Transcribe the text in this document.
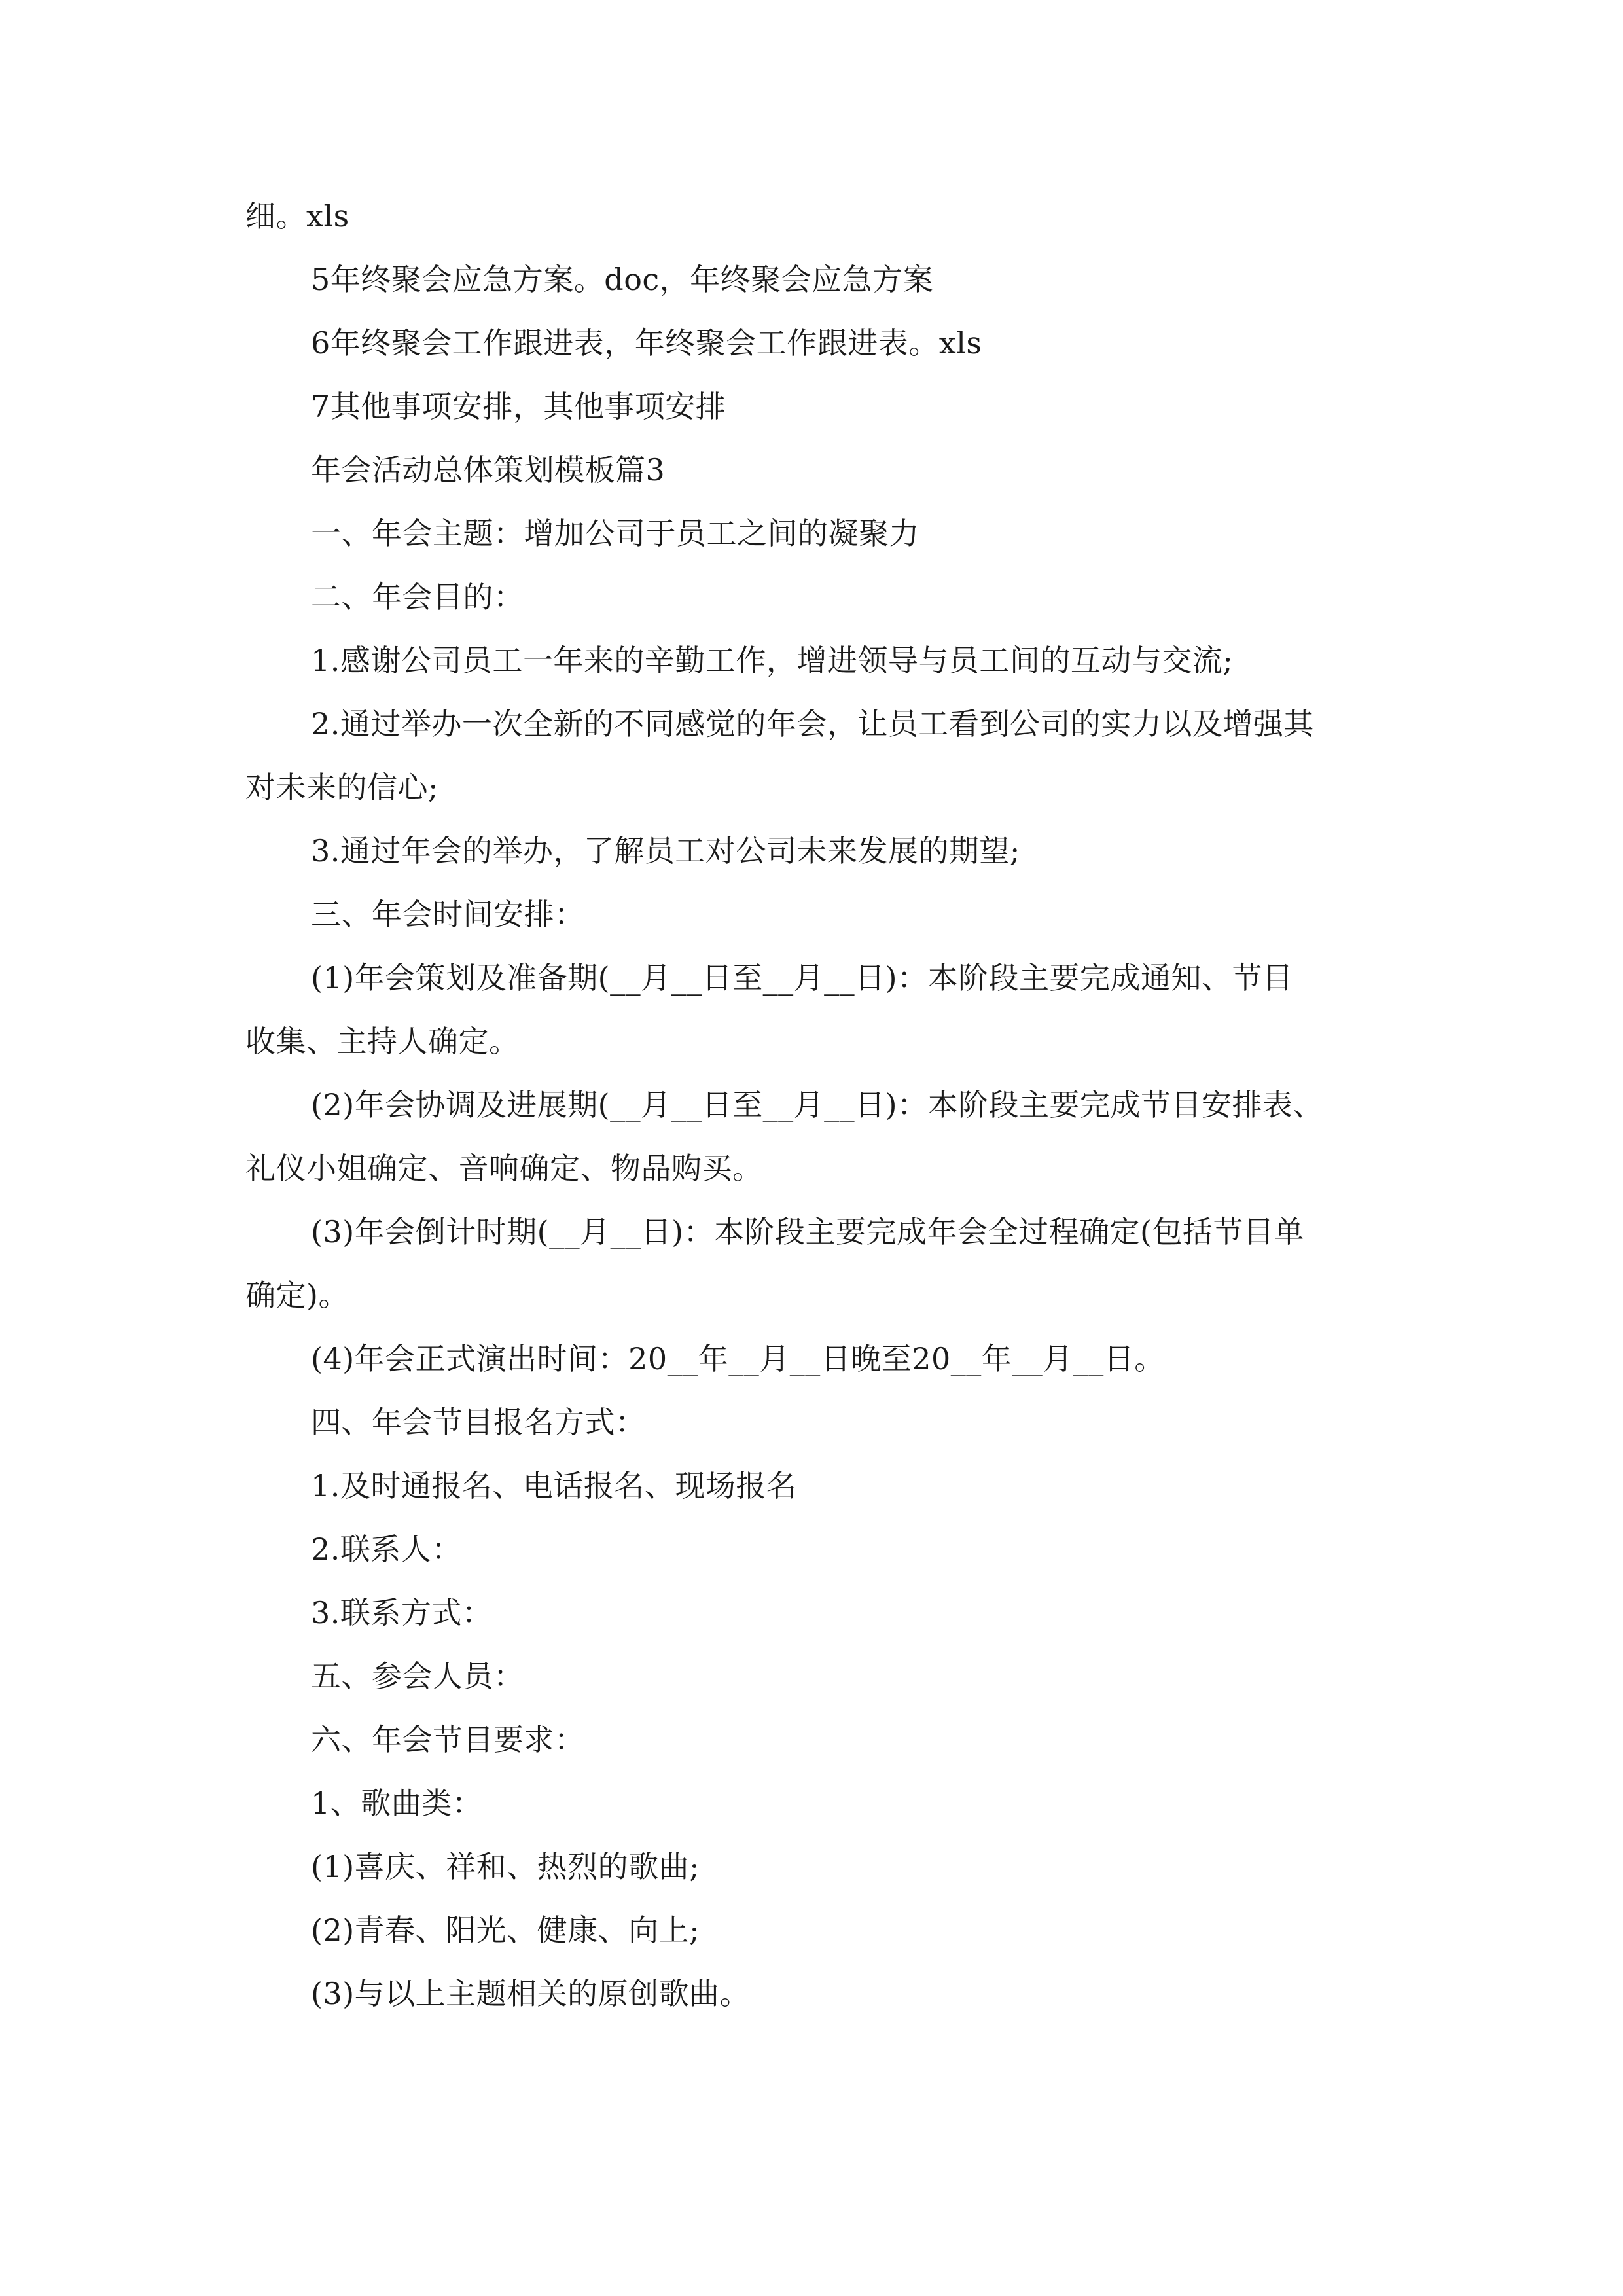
细。xls
5年终聚会应急方案。doc，年终聚会应急方案
6年终聚会工作跟进表，年终聚会工作跟进表。xls
7其他事项安排，其他事项安排
年会活动总体策划模板篇3
一、年会主题：增加公司于员工之间的凝聚力
二、年会目的：
1.感谢公司员工一年来的辛勤工作，增进领导与员工间的互动与交流;
2.通过举办一次全新的不同感觉的年会，让员工看到公司的实力以及增强其
对未来的信心;
3.通过年会的举办，了解员工对公司未来发展的期望;
三、年会时间安排：
(1)年会策划及准备期(__月__日至__月__日)：本阶段主要完成通知、节目
收集、主持人确定。
(2)年会协调及进展期(__月__日至__月__日)：本阶段主要完成节目安排表、
礼仪小姐确定、音响确定、物品购买。
(3)年会倒计时期(__月__日)：本阶段主要完成年会全过程确定(包括节目单
确定)。
(4)年会正式演出时间：20__年__月__日晚至20__年__月__日。
四、年会节目报名方式：
1.及时通报名、电话报名、现场报名
2.联系人：
3.联系方式：
五、参会人员：
六、年会节目要求：
1、歌曲类：
(1)喜庆、祥和、热烈的歌曲;
(2)青春、阳光、健康、向上;
(3)与以上主题相关的原创歌曲。
